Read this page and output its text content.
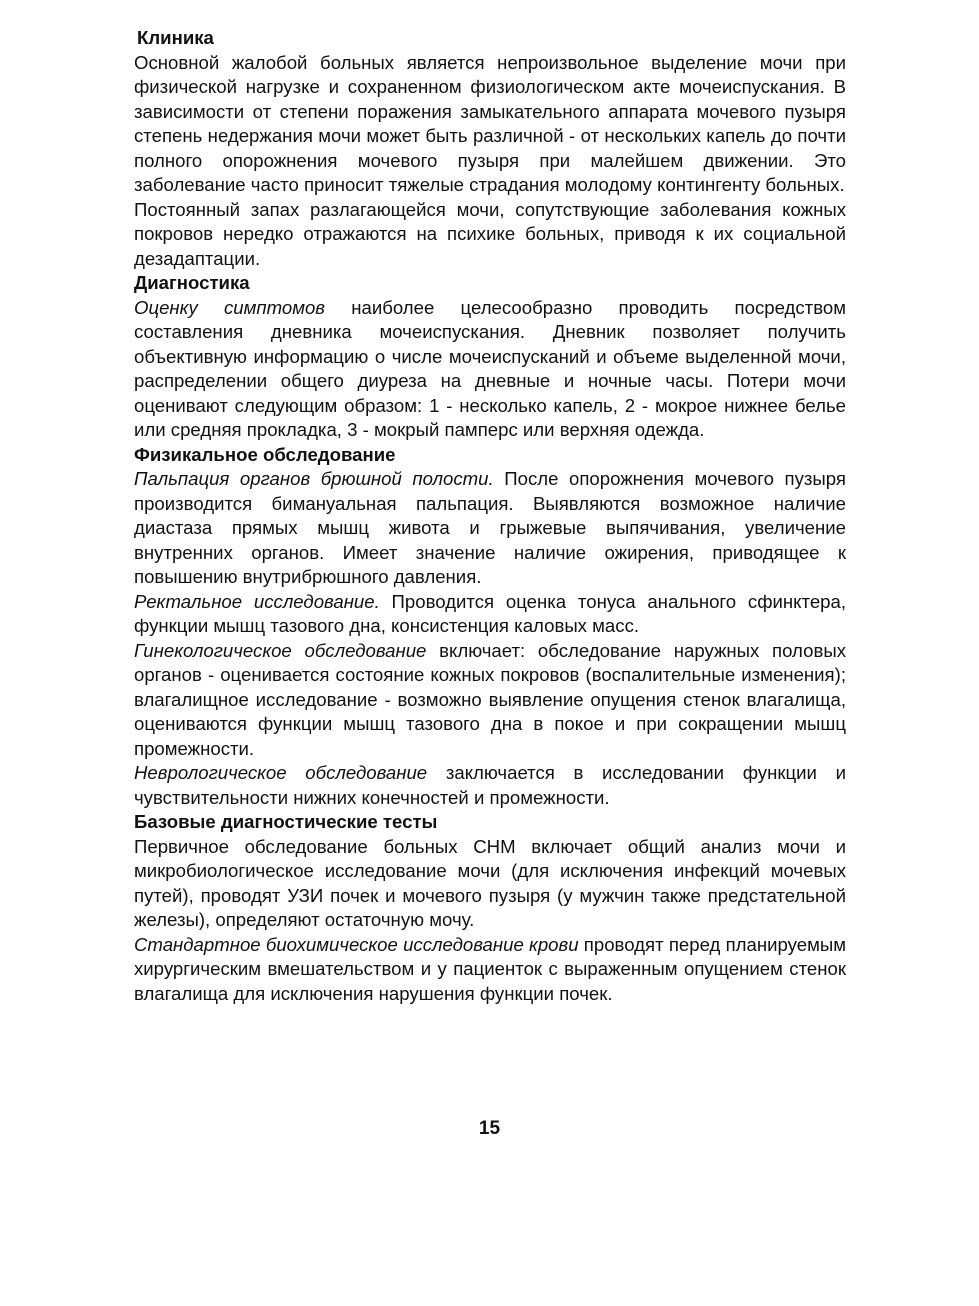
Клиника

Основной жалобой больных является непроизвольное выделение мочи при физической нагрузке и сохраненном физиологическом акте мочеиспускания. В зависимости от степени поражения замыкательного аппарата мочевого пузыря степень недержания мочи может быть различной - от нескольких капель до почти полного опорожнения мочевого пузыря при малейшем движении. Это заболевание часто приносит тяжелые страдания молодому контингенту больных.

Постоянный запах разлагающейся мочи, сопутствующие заболевания кожных покровов нередко отражаются на психике больных, приводя к их социальной дезадаптации.

Диагностика

Оценку симптомов наиболее целесообразно проводить посредством составления дневника мочеиспускания. Дневник позволяет получить объективную информацию о числе мочеиспусканий и объеме выделенной мочи, распределении общего диуреза на дневные и ночные часы. Потери мочи оценивают следующим образом: 1 - несколько капель, 2 - мокрое нижнее белье или средняя прокладка, 3 - мокрый памперс или верхняя одежда.

Физикальное обследование

Пальпация органов брюшной полости. После опорожнения мочевого пузыря производится бимануальная пальпация. Выявляются возможное наличие диастаза прямых мышц живота и грыжевые выпячивания, увеличение внутренних органов. Имеет значение наличие ожирения, приводящее к повышению внутрибрюшного давления.

Ректальное исследование. Проводится оценка тонуса анального сфинктера, функции мышц тазового дна, консистенция каловых масс.

Гинекологическое обследование включает: обследование наружных половых органов - оценивается состояние кожных покровов (воспалительные изменения); влагалищное исследование - возможно выявление опущения стенок влагалища, оцениваются функции мышц тазового дна в покое и при сокращении мышц промежности.

Неврологическое обследование заключается в исследовании функции и чувствительности нижних конечностей и промежности.

Базовые диагностические тесты

Первичное обследование больных СНМ включает общий анализ мочи и микробиологическое исследование мочи (для исключения инфекций мочевых путей), проводят УЗИ почек и мочевого пузыря (у мужчин также предстательной железы), определяют остаточную мочу.

Стандартное биохимическое исследование крови проводят перед планируемым хирургическим вмешательством и у пациенток с выраженным опущением стенок влагалища для исключения нарушения функции почек.

15
